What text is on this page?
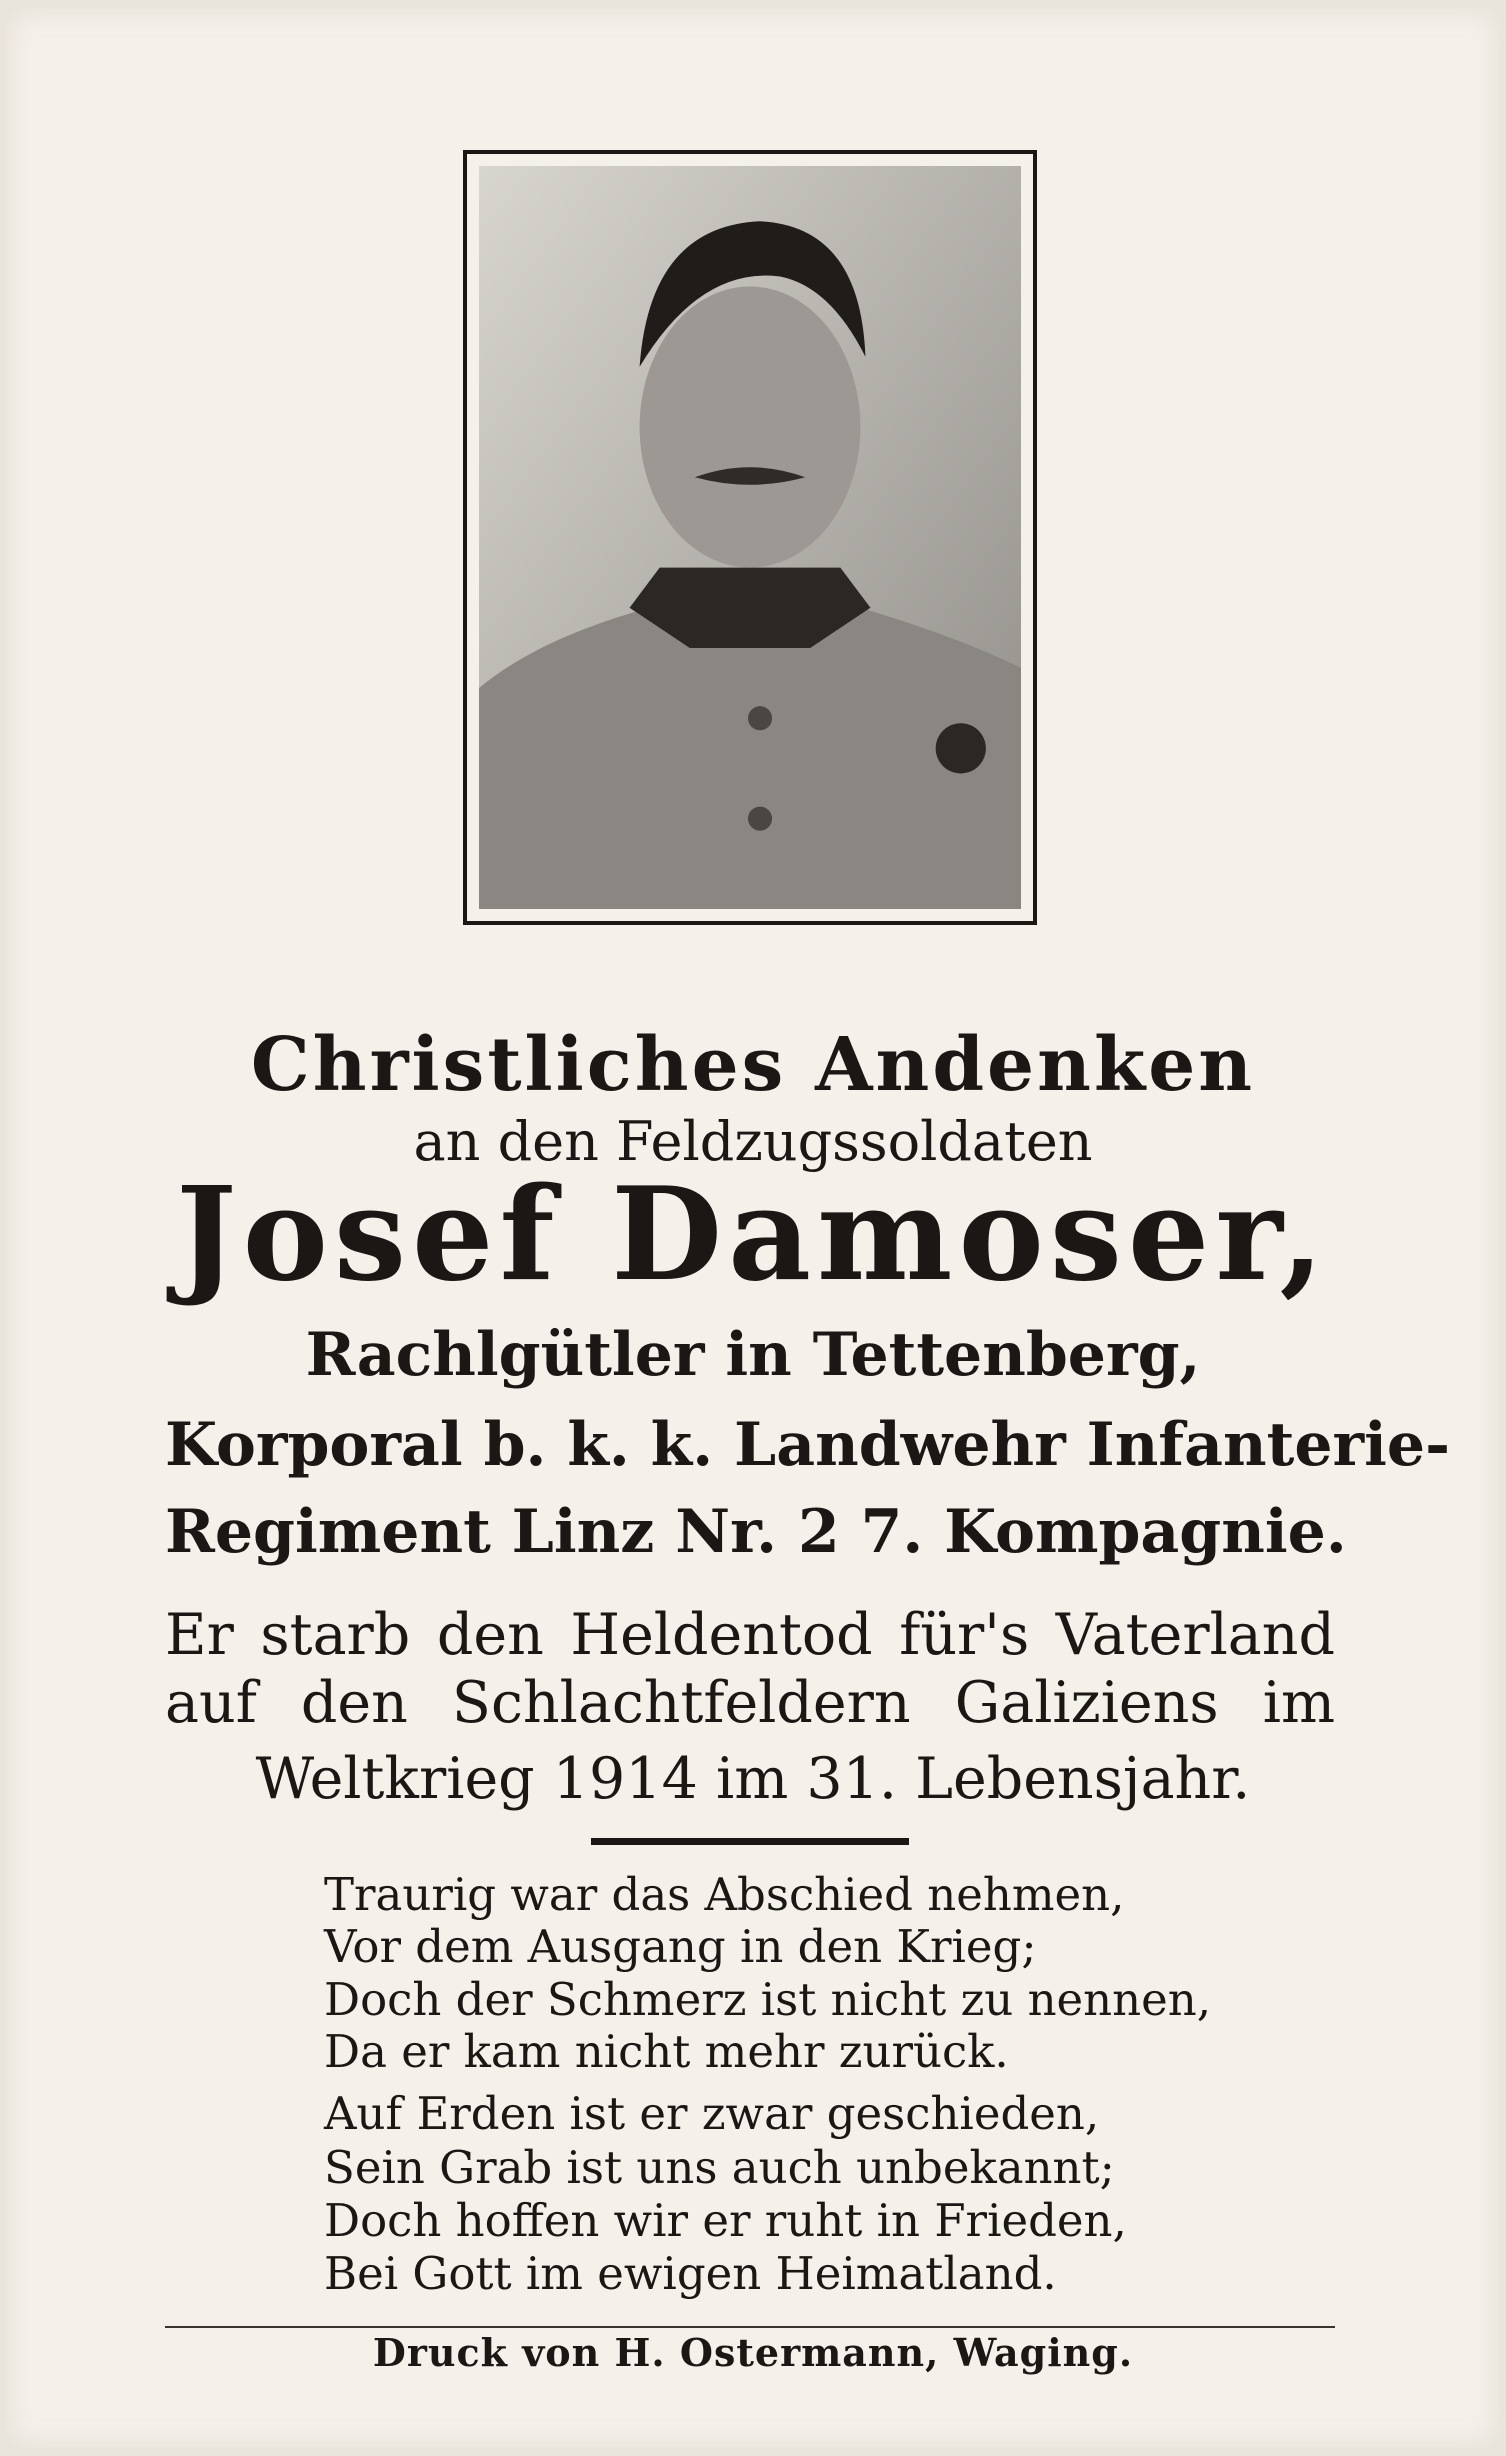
Christliches Andenken
an den Feldzugssoldaten
Josef Damoser,
Rachlgütler in Tettenberg,
Korporal b. k. k. Landwehr Infanterie-
Regiment Linz Nr. 2 7. Kompagnie.
Er starb den Heldentod für's Vaterland
auf den Schlachtfeldern Galiziens im
Weltkrieg 1914 im 31. Lebensjahr.
Traurig war das Abschied nehmen,
Vor dem Ausgang in den Krieg;
Doch der Schmerz ist nicht zu nennen,
Da er kam nicht mehr zurück.
Auf Erden ist er zwar geschieden,
Sein Grab ist uns auch unbekannt;
Doch hoffen wir er ruht in Frieden,
Bei Gott im ewigen Heimatland.
Druck von H. Ostermann, Waging.
